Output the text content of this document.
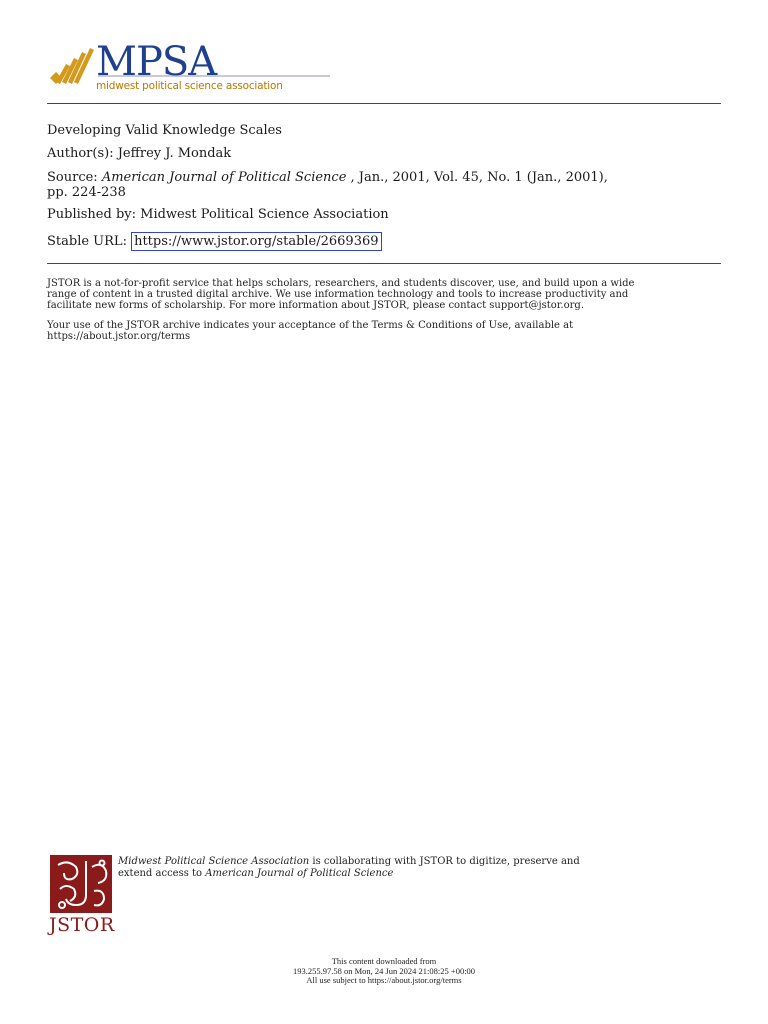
MPSA
midwest political science association
Developing Valid Knowledge Scales
Author(s): Jeffrey J. Mondak
Source: American Journal of Political Science , Jan., 2001, Vol. 45, No. 1 (Jan., 2001),
pp. 224-238
Published by: Midwest Political Science Association
Stable URL: https://www.jstor.org/stable/2669369
JSTOR is a not-for-profit service that helps scholars, researchers, and students discover, use, and build upon a wide
range of content in a trusted digital archive. We use information technology and tools to increase productivity and
facilitate new forms of scholarship. For more information about JSTOR, please contact support@jstor.org.
Your use of the JSTOR archive indicates your acceptance of the Terms & Conditions of Use, available at
https://about.jstor.org/terms
JSTOR
Midwest Political Science Association is collaborating with JSTOR to digitize, preserve and
extend access to American Journal of Political Science
This content downloaded from
193.255.97.58 on Mon, 24 Jun 2024 21:08:25 +00:00
All use subject to https://about.jstor.org/terms
